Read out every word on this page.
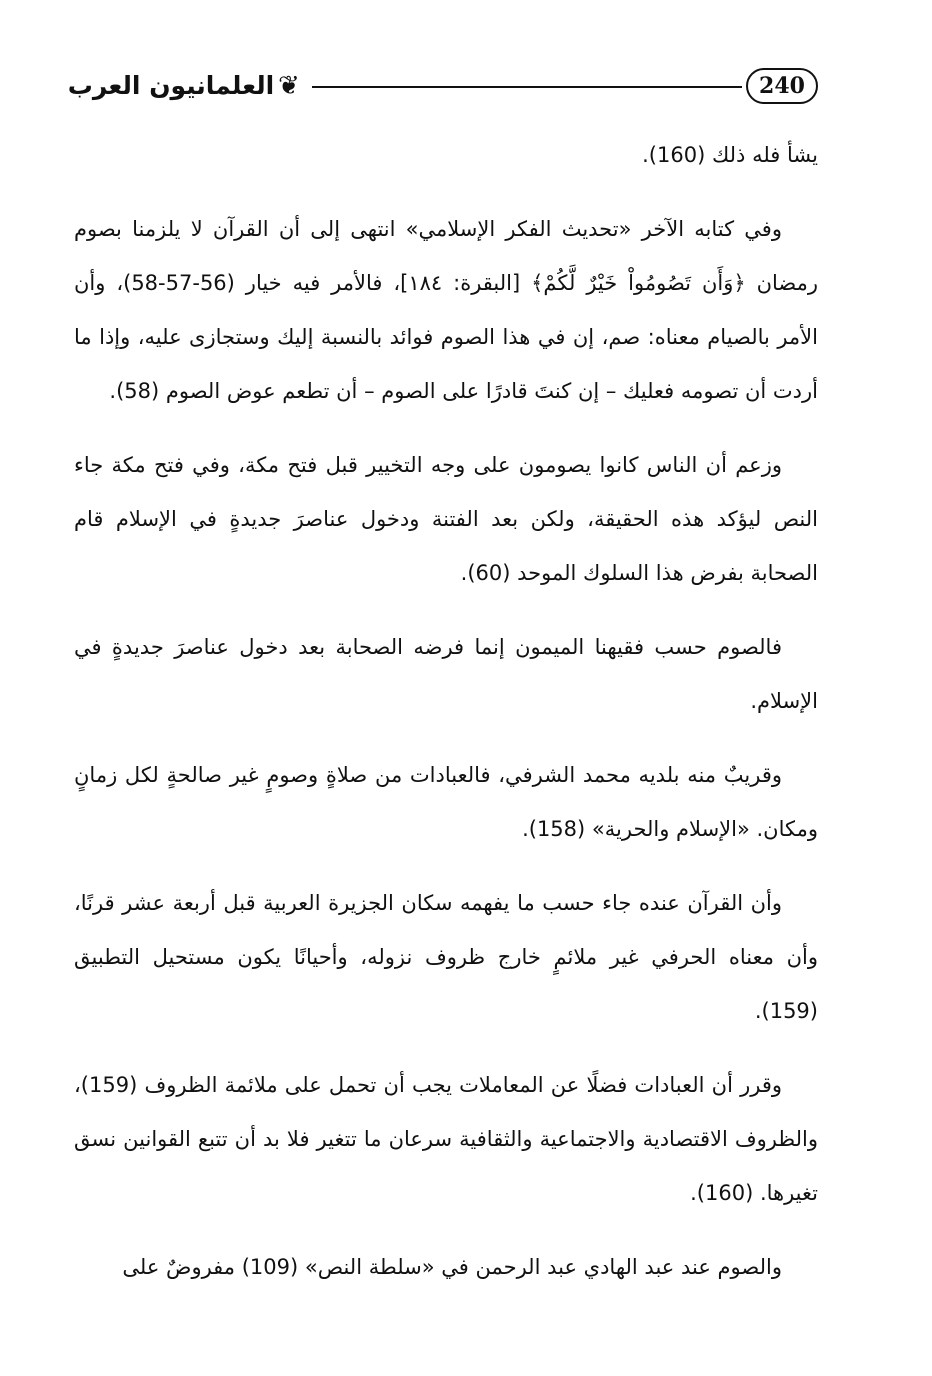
240
❦
العلمانيون العرب

يشأ فله ذلك (160).

وفي كتابه الآخر «تحديث الفكر الإسلامي» انتهى إلى أن القرآن لا يلزمنا بصوم رمضان ﴿وَأَن تَصُومُواْ خَيْرٌ لَّكُمْ﴾ [البقرة: ١٨٤]، فالأمر فيه خيار (56-57-58)، وأن الأمر بالصيام معناه: صم، إن في هذا الصوم فوائد بالنسبة إليك وستجازى عليه، وإذا ما أردت أن تصومه فعليك – إن كنتَ قادرًا على الصوم – أن تطعم عوض الصوم (58).

وزعم أن الناس كانوا يصومون على وجه التخيير قبل فتح مكة، وفي فتح مكة جاء النص ليؤكد هذه الحقيقة، ولكن بعد الفتنة ودخول عناصرَ جديدةٍ في الإسلام قام الصحابة بفرض هذا السلوك الموحد (60).

فالصوم حسب فقيهنا الميمون إنما فرضه الصحابة بعد دخول عناصرَ جديدةٍ في الإسلام.

وقريبٌ منه بلديه محمد الشرفي، فالعبادات من صلاةٍ وصومٍ غير صالحةٍ لكل زمانٍ ومكان. «الإسلام والحرية» (158).

وأن القرآن عنده جاء حسب ما يفهمه سكان الجزيرة العربية قبل أربعة عشر قرنًا، وأن معناه الحرفي غير ملائمٍ خارج ظروف نزوله، وأحيانًا يكون مستحيل التطبيق (159).

وقرر أن العبادات فضلًا عن المعاملات يجب أن تحمل على ملائمة الظروف (159)، والظروف الاقتصادية والاجتماعية والثقافية سرعان ما تتغير فلا بد أن تتبع القوانين نسق تغيرها. (160).

والصوم عند عبد الهادي عبد الرحمن في «سلطة النص» (109) مفروضٌ على
